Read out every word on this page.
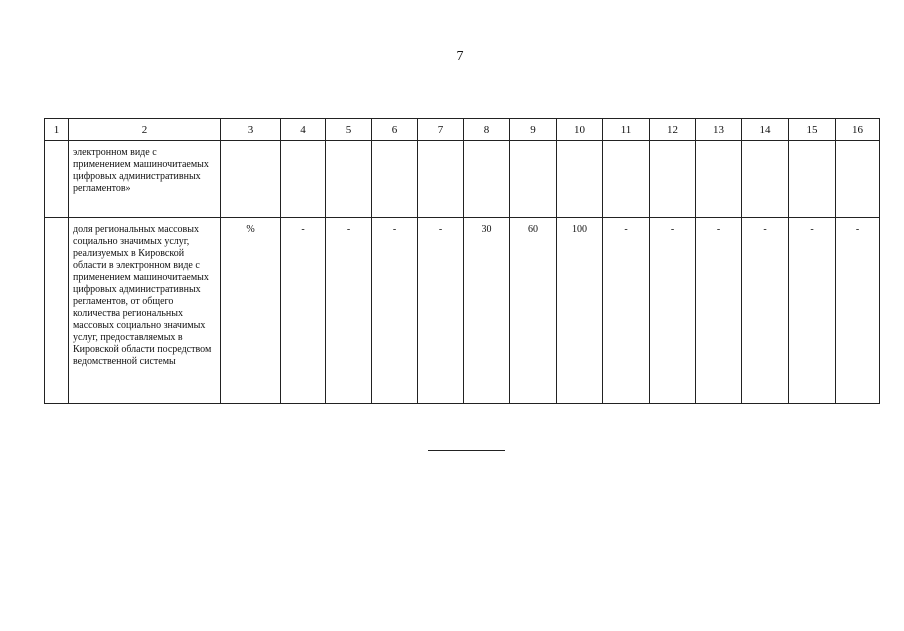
7
1	2	3	4	5	6	7	8	9	10	11	12	13	14	15	16
	электронном виде с применением машиночитаемых цифровых административных регламентов»														
	доля региональных массовых социально значимых услуг, реализуемых в Кировской области в электронном виде с применением машиночитаемых цифровых административных регламентов, от общего количества региональных массовых социально значимых услуг, предоставляемых в Кировской области посредством ведомственной системы	%	-	-	-	-	30	60	100	-	-	-	-	-	-
